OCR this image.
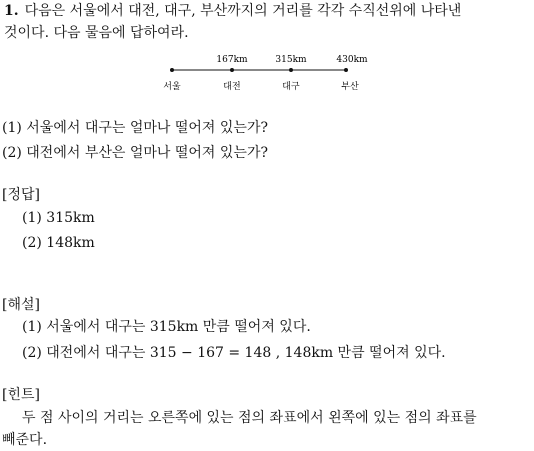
1. 다음은 서울에서 대전, 대구, 부산까지의 거리를 각각 수직선위에 나타낸
것이다. 다음 물음에 답하여라.
167km	315km	430km
서울	대전	대구	부산
(1) 서울에서 대구는 얼마나 떨어져 있는가?
(2) 대전에서 부산은 얼마나 떨어져 있는가?
[정답]
(1) 315km
(2) 148km
[해설]
(1) 서울에서 대구는 315km 만큼 떨어져 있다.
(2) 대전에서 대구는 315 − 167 = 148 , 148km 만큼 떨어져 있다.
[힌트]
두 점 사이의 거리는 오른쪽에 있는 점의 좌표에서 왼쪽에 있는 점의 좌표를
빼준다.
